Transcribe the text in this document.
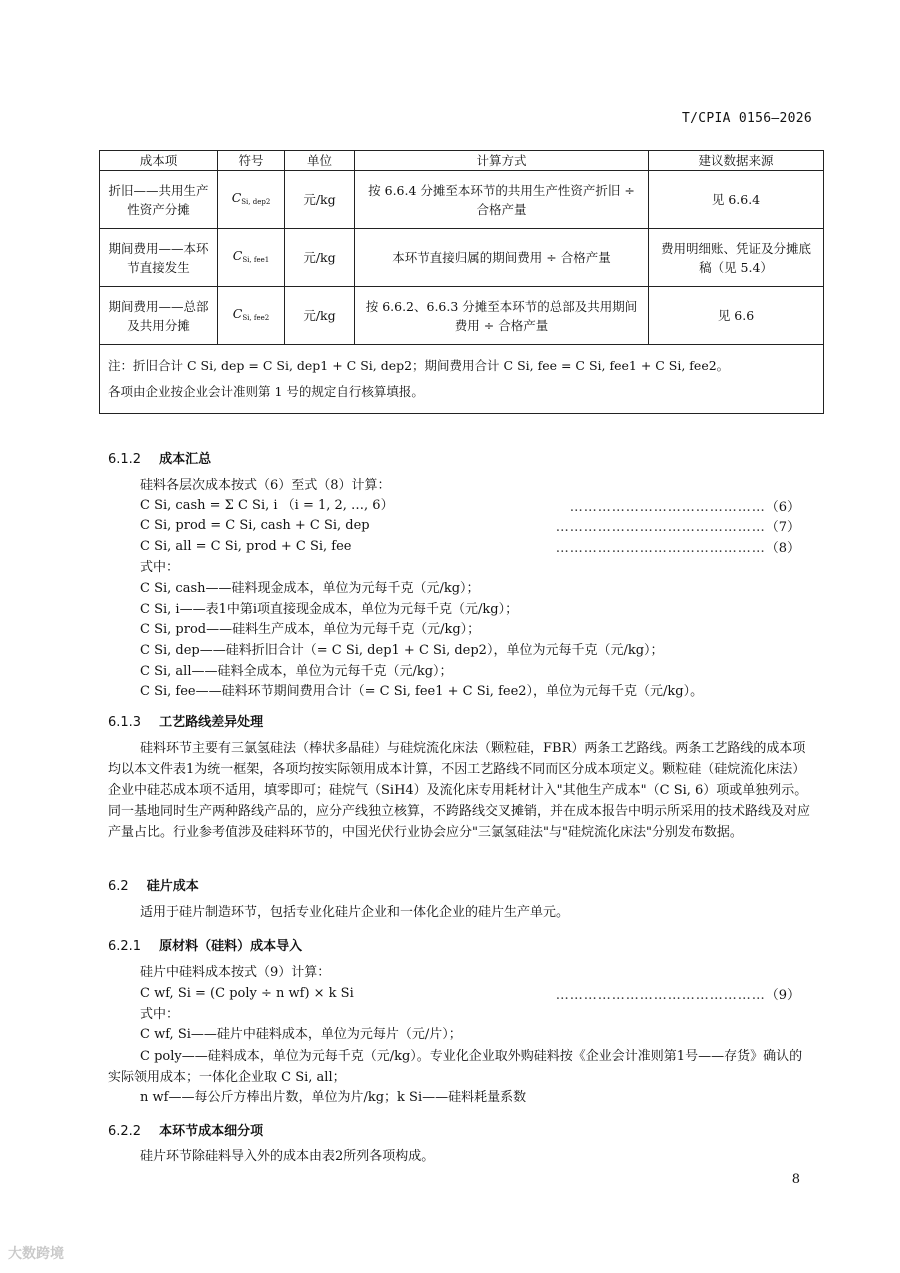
T/CPIA 0156—2026
成本项	符号	单位	计算方式	建议数据来源
折旧——共用生产性资产分摊	$C_{Si, dep2}$	元/kg	按 6.6.4 分摊至本环节的共用生产性资产折旧 ÷ 合格产量	见 6.6.4
期间费用——本环节直接发生	$C_{Si, fee1}$	元/kg	本环节直接归属的期间费用 ÷ 合格产量	费用明细账、凭证及分摊底稿（见 5.4）
期间费用——总部及共用分摊	$C_{Si, fee2}$	元/kg	按 6.6.2、6.6.3 分摊至本环节的总部及共用期间费用 ÷ 合格产量	见 6.6

注：折旧合计 C Si, dep = C Si, dep1 + C Si, dep2；期间费用合计 C Si, fee = C Si, fee1 + C Si, fee2。
各项由企业按企业会计准则第 1 号的规定自行核算填报。				
6.1.2 成本汇总
硅料各层次成本按式（6）至式（8）计算：
C Si, cash = Σ C Si, i （i = 1, 2, …, 6）	……………………………………（6）
C Si, prod = C Si, cash + C Si, dep	………………………………………（7）
C Si, all = C Si, prod + C Si, fee	………………………………………（8）
式中：
C Si, cash——硅料现金成本，单位为元每千克（元/kg）；
C Si, i——表1中第i项直接现金成本，单位为元每千克（元/kg）；
C Si, prod——硅料生产成本，单位为元每千克（元/kg）；
C Si, dep——硅料折旧合计（= C Si, dep1 + C Si, dep2），单位为元每千克（元/kg）；
C Si, all——硅料全成本，单位为元每千克（元/kg）；
C Si, fee——硅料环节期间费用合计（= C Si, fee1 + C Si, fee2），单位为元每千克（元/kg）。
6.1.3 工艺路线差异处理
硅料环节主要有三氯氢硅法（棒状多晶硅）与硅烷流化床法（颗粒硅，FBR）两条工艺路线。两条工艺路线的成本项均以本文件表1为统一框架，各项均按实际领用成本计算，不因工艺路线不同而区分成本项定义。颗粒硅（硅烷流化床法）企业中硅芯成本项不适用，填零即可；硅烷气（SiH4）及流化床专用耗材计入"其他生产成本"（C Si, 6）项或单独列示。同一基地同时生产两种路线产品的，应分产线独立核算，不跨路线交叉摊销，并在成本报告中明示所采用的技术路线及对应产量占比。行业参考值涉及硅料环节的，中国光伏行业协会应分"三氯氢硅法"与"硅烷流化床法"分别发布数据。
6.2 硅片成本
适用于硅片制造环节，包括专业化硅片企业和一体化企业的硅片生产单元。
6.2.1 原材料（硅料）成本导入
硅片中硅料成本按式（9）计算：
C wf, Si = (C poly ÷ n wf) × k Si	………………………………………（9）
式中：
C wf, Si——硅片中硅料成本，单位为元每片（元/片）；
C poly——硅料成本，单位为元每千克（元/kg）。专业化企业取外购硅料按《企业会计准则第1号——存货》确认的实际领用成本；一体化企业取 C Si, all；
n wf——每公斤方棒出片数，单位为片/kg；k Si——硅料耗量系数
6.2.2 本环节成本细分项
硅片环节除硅料导入外的成本由表2所列各项构成。
8
大数跨境
